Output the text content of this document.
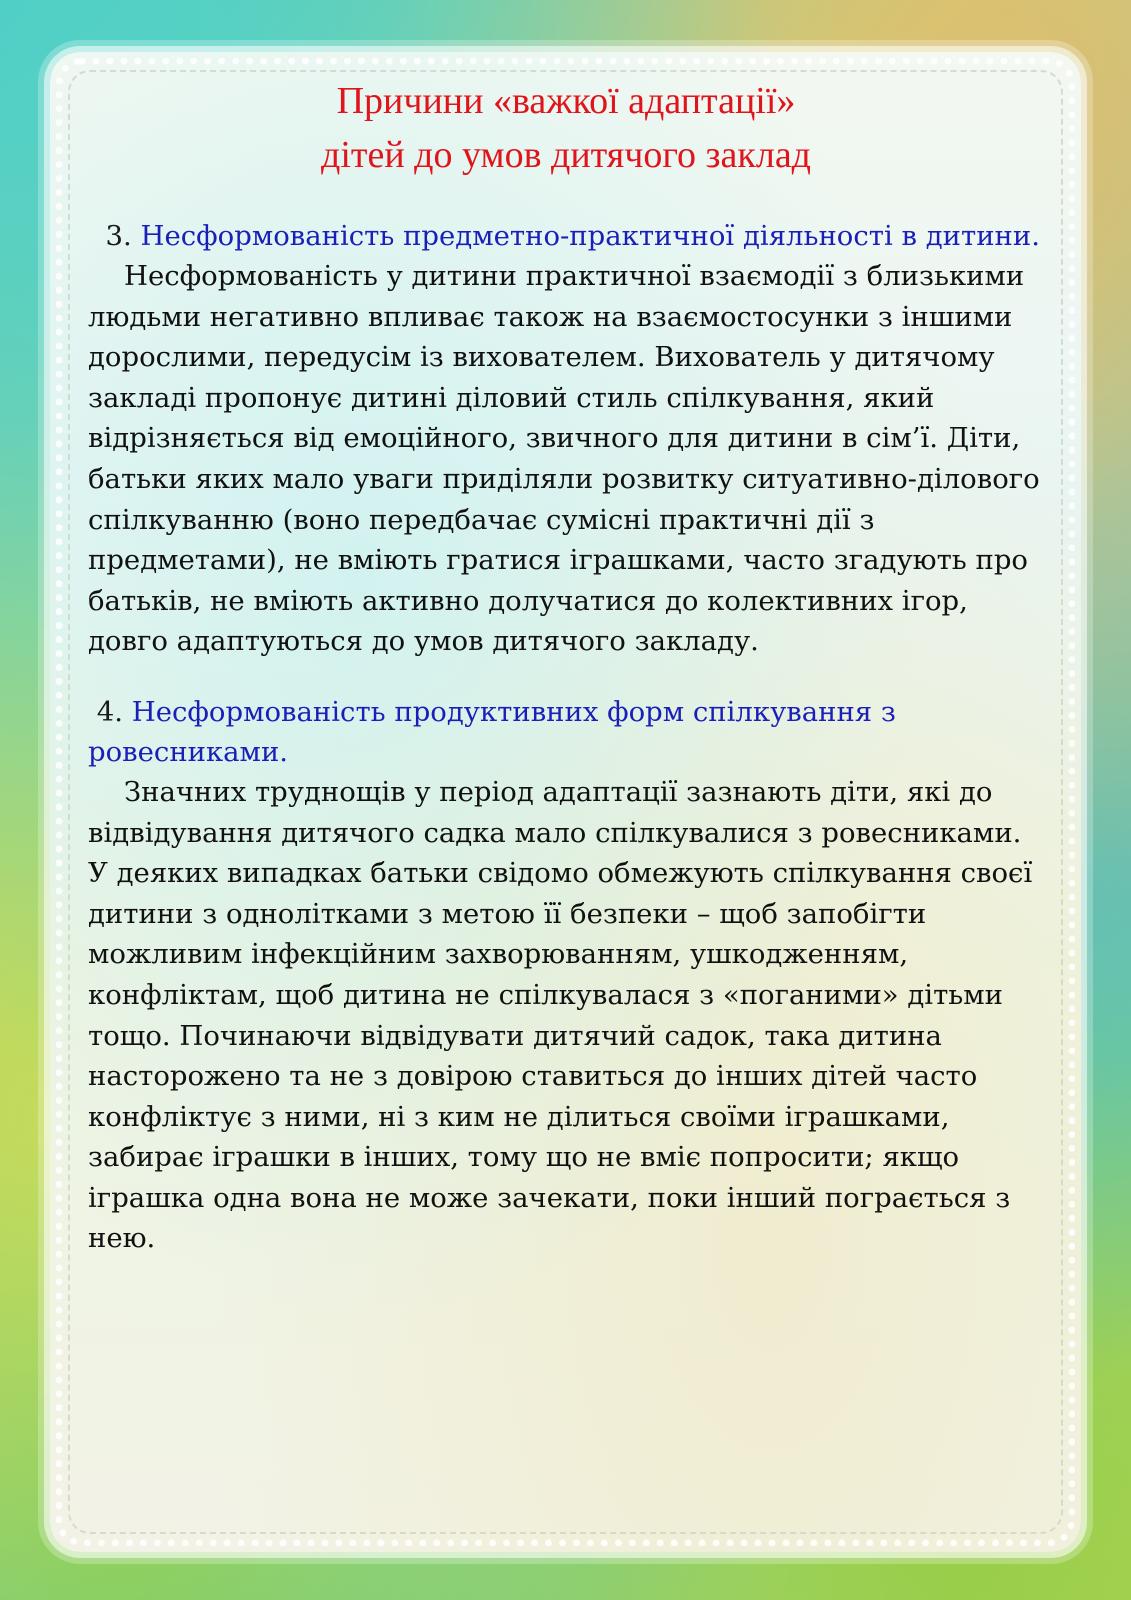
Причини «важкої адаптації»
дітей до умов дитячого заклад

3. Несформованість предметно-практичної діяльності в дитини.

Несформованість у дитини практичної взаємодії з близькими людьми негативно впливає також на взаємостосунки з іншими дорослими, передусім із вихователем. Вихователь у дитячому закладі пропонує дитині діловий стиль спілкування, який відрізняється від емоційного, звичного для дитини в сім’ї. Діти, батьки яких мало уваги приділяли розвитку ситуативно-ділового спілкуванню (воно передбачає сумісні практичні дії з предметами), не вміють гратися іграшками, часто згадують про батьків, не вміють активно долучатися до колективних ігор, довго адаптуються до умов дитячого закладу.

4. Несформованість продуктивних форм спілкування з ровесниками.

Значних труднощів у період адаптації зазнають діти, які до відвідування дитячого садка мало спілкувалися з ровесниками. У деяких випадках батьки свідомо обмежують спілкування своєї дитини з однолітками з метою її безпеки – щоб запобігти можливим інфекційним захворюванням, ушкодженням, конфліктам, щоб дитина не спілкувалася з «поганими» дітьми тощо. Починаючи відвідувати дитячий садок, така дитина насторожено та не з довірою ставиться до інших дітей часто конфліктує з ними, ні з ким не ділиться своїми іграшками, забирає іграшки в інших, тому що не вміє попросити; якщо іграшка одна вона не може зачекати, поки інший пограється з нею.
